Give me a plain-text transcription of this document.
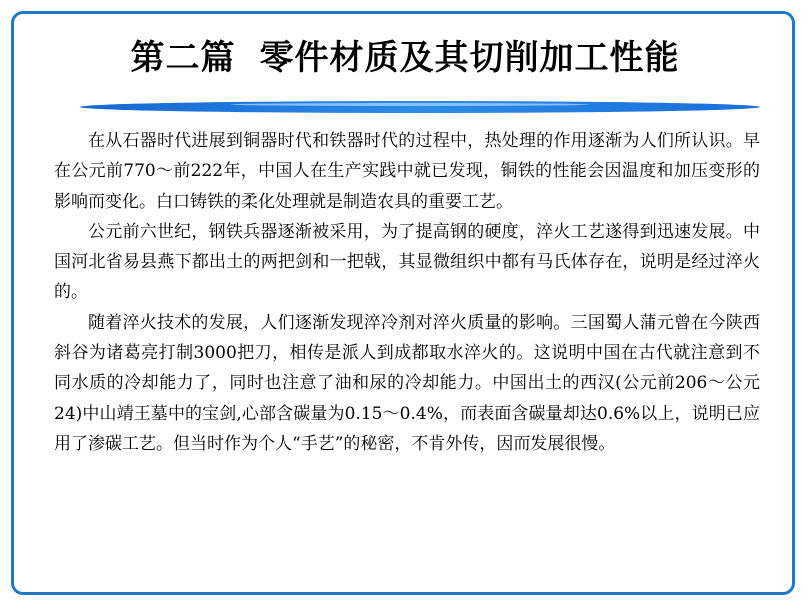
第二篇 零件材质及其切削加工性能

在从石器时代进展到铜器时代和铁器时代的过程中，热处理的作用逐渐为人们所认识。早在公元前770～前222年，中国人在生产实践中就已发现，铜铁的性能会因温度和加压变形的影响而变化。白口铸铁的柔化处理就是制造农具的重要工艺。

公元前六世纪，钢铁兵器逐渐被采用，为了提高钢的硬度，淬火工艺遂得到迅速发展。中国河北省易县燕下都出土的两把剑和一把戟，其显微组织中都有马氏体存在，说明是经过淬火的。

随着淬火技术的发展，人们逐渐发现淬冷剂对淬火质量的影响。三国蜀人蒲元曾在今陕西斜谷为诸葛亮打制3000把刀，相传是派人到成都取水淬火的。这说明中国在古代就注意到不同水质的冷却能力了，同时也注意了油和尿的冷却能力。中国出土的西汉(公元前206～公元24)中山靖王墓中的宝剑,心部含碳量为0.15～0.4%，而表面含碳量却达0.6%以上，说明已应用了渗碳工艺。但当时作为个人“手艺”的秘密，不肯外传，因而发展很慢。
